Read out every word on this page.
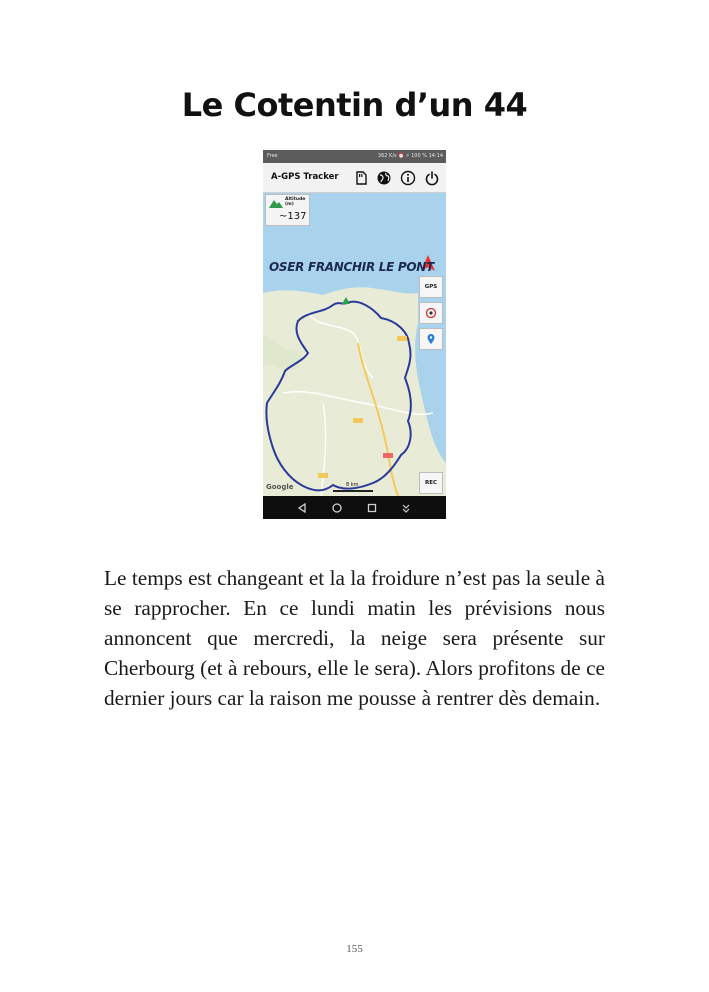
Le Cotentin d’un 44
Free	362 K/s ⏰ ⚡ 100 % 14:14
A-GPS Tracker
Altitude (m)
~137
OSER FRANCHIR LE PONT
GPS
REC
Google	8 km

Le temps est changeant et la la froidure n’est pas la seule à se rapprocher. En ce lundi matin les prévisions nous annoncent que mercredi, la neige sera présente sur Cherbourg (et à rebours, elle le sera). Alors profitons de ce dernier jours car la raison me pousse à rentrer dès demain.

155
